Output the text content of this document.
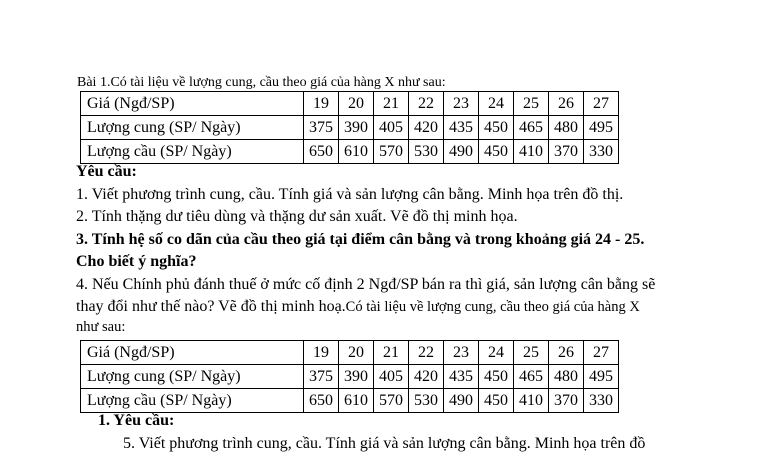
Bài 1.Có tài liệu về lượng cung, cầu theo giá của hàng X như sau:
Giá (Ngđ/SP)	19	20	21	22	23	24	25	26	27
Lượng cung (SP/ Ngày)	375	390	405	420	435	450	465	480	495
Lượng cầu (SP/ Ngày)	650	610	570	530	490	450	410	370	330
Yêu cầu:
1. Viết phương trình cung, cầu. Tính giá và sản lượng cân bằng. Minh họa trên đồ thị.
2. Tính thặng dư tiêu dùng và thặng dư sản xuất. Vẽ đồ thị minh họa.
3. Tính hệ số co dãn của cầu theo giá tại điểm cân bằng và trong khoảng giá 24 - 25.
Cho biết ý nghĩa?
4. Nếu Chính phủ đánh thuế ở mức cố định 2 Ngđ/SP bán ra thì giá, sản lượng cân bằng sẽ
thay đổi như thế nào? Vẽ đồ thị minh hoạ.Có tài liệu về lượng cung, cầu theo giá của hàng X
như sau:
Giá (Ngđ/SP)	19	20	21	22	23	24	25	26	27
Lượng cung (SP/ Ngày)	375	390	405	420	435	450	465	480	495
Lượng cầu (SP/ Ngày)	650	610	570	530	490	450	410	370	330
1. Yêu cầu:
5. Viết phương trình cung, cầu. Tính giá và sản lượng cân bằng. Minh họa trên đồ
